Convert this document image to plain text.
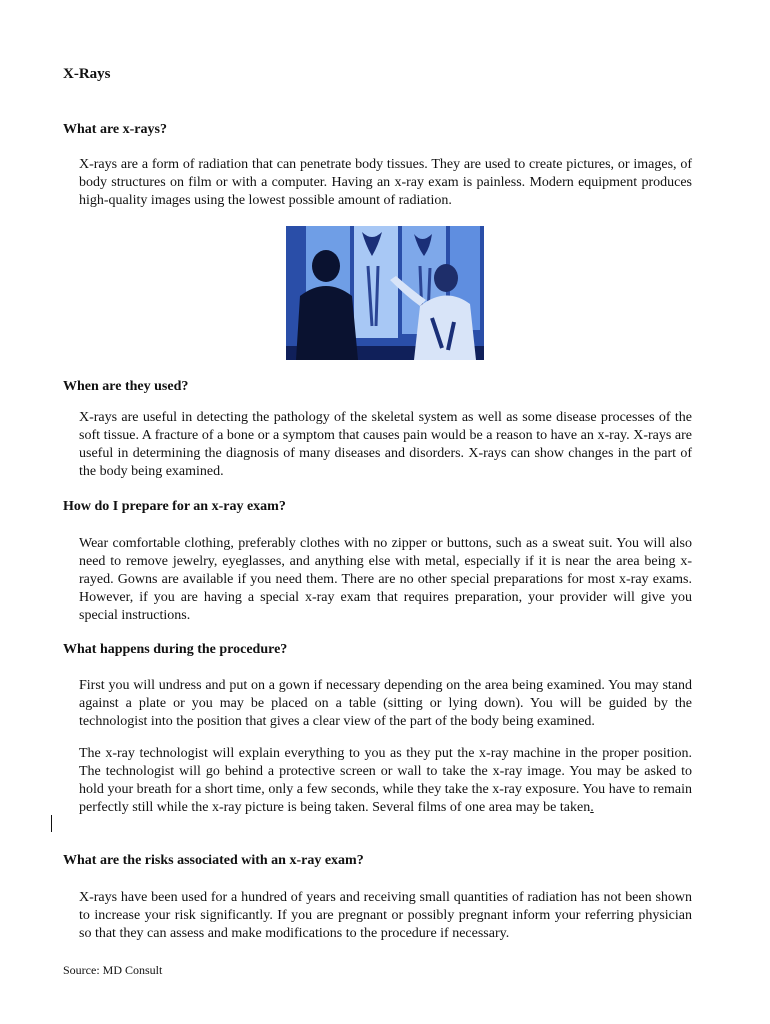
X-Rays
What are x-rays?

X-rays are a form of radiation that can penetrate body tissues. They are used to create pictures, or images, of body structures on film or with a computer. Having an x-ray exam is painless. Modern equipment produces high-quality images using the lowest possible amount of radiation.

When are they used?

X-rays are useful in detecting the pathology of the skeletal system as well as some disease processes of the soft tissue. A fracture of a bone or a symptom that causes pain would be a reason to have an x-ray. X-rays are useful in determining the diagnosis of many diseases and disorders. X-rays can show changes in the part of the body being examined.

How do I prepare for an x-ray exam?

Wear comfortable clothing, preferably clothes with no zipper or buttons, such as a sweat suit. You will also need to remove jewelry, eyeglasses, and anything else with metal, especially if it is near the area being x-rayed. Gowns are available if you need them. There are no other special preparations for most x-ray exams. However, if you are having a special x-ray exam that requires preparation, your provider will give you special instructions.

What happens during the procedure?

First you will undress and put on a gown if necessary depending on the area being examined. You may stand against a plate or you may be placed on a table (sitting or lying down). You will be guided by the technologist into the position that gives a clear view of the part of the body being examined.

The x-ray technologist will explain everything to you as they put the x-ray machine in the proper position. The technologist will go behind a protective screen or wall to take the x-ray image. You may be asked to hold your breath for a short time, only a few seconds, while they take the x-ray exposure. You have to remain perfectly still while the x-ray picture is being taken. Several films of one area may be taken.

What are the risks associated with an x-ray exam?

X-rays have been used for a hundred of years and receiving small quantities of radiation has not been shown to increase your risk significantly. If you are pregnant or possibly pregnant inform your referring physician so that they can assess and make modifications to the procedure if necessary.

Source: MD Consult
